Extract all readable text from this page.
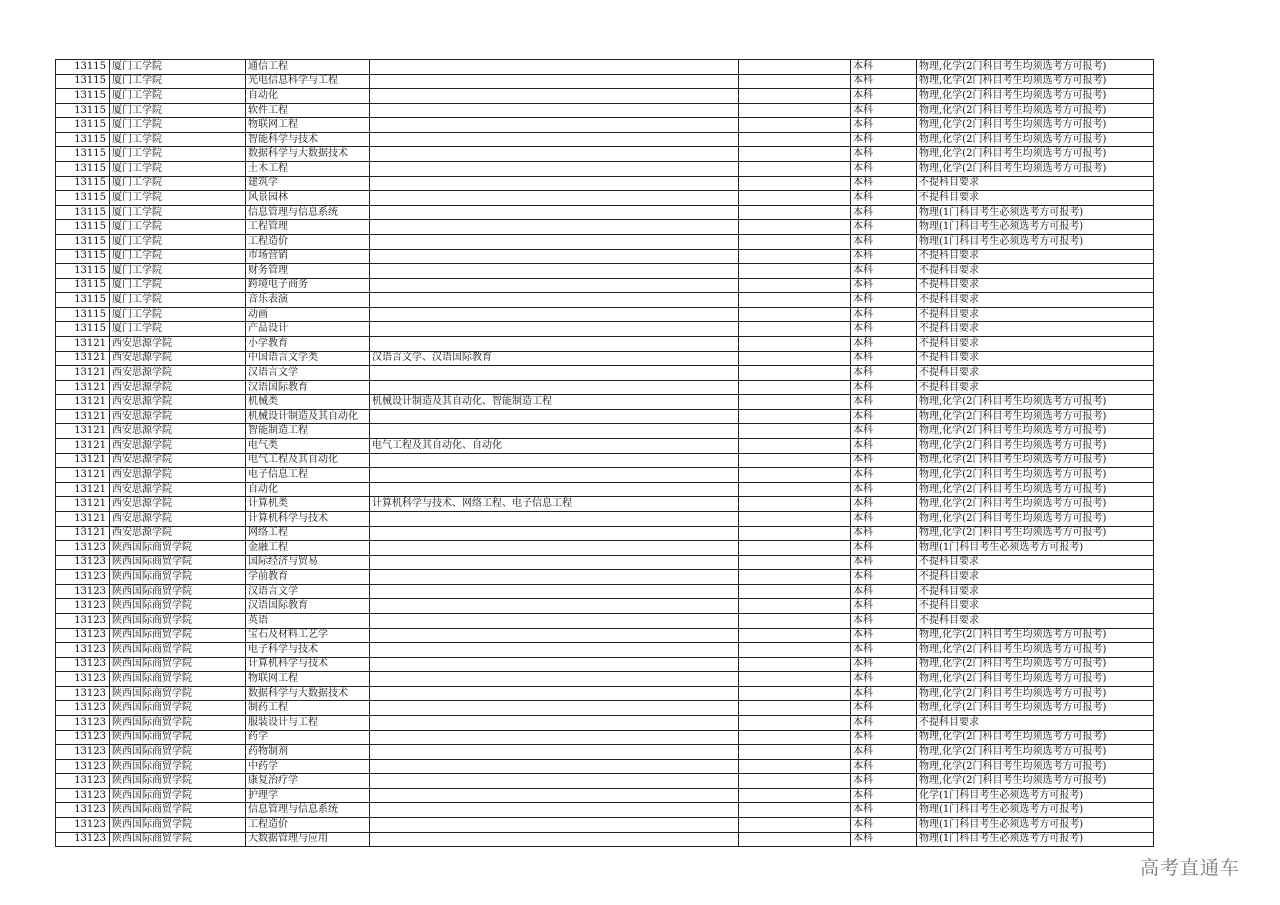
13115	厦门工学院	通信工程			本科	物理,化学(2门科目考生均须选考方可报考)
13115	厦门工学院	光电信息科学与工程			本科	物理,化学(2门科目考生均须选考方可报考)
13115	厦门工学院	自动化			本科	物理,化学(2门科目考生均须选考方可报考)
13115	厦门工学院	软件工程			本科	物理,化学(2门科目考生均须选考方可报考)
13115	厦门工学院	物联网工程			本科	物理,化学(2门科目考生均须选考方可报考)
13115	厦门工学院	智能科学与技术			本科	物理,化学(2门科目考生均须选考方可报考)
13115	厦门工学院	数据科学与大数据技术			本科	物理,化学(2门科目考生均须选考方可报考)
13115	厦门工学院	土木工程			本科	物理,化学(2门科目考生均须选考方可报考)
13115	厦门工学院	建筑学			本科	不提科目要求
13115	厦门工学院	风景园林			本科	不提科目要求
13115	厦门工学院	信息管理与信息系统			本科	物理(1门科目考生必须选考方可报考)
13115	厦门工学院	工程管理			本科	物理(1门科目考生必须选考方可报考)
13115	厦门工学院	工程造价			本科	物理(1门科目考生必须选考方可报考)
13115	厦门工学院	市场营销			本科	不提科目要求
13115	厦门工学院	财务管理			本科	不提科目要求
13115	厦门工学院	跨境电子商务			本科	不提科目要求
13115	厦门工学院	音乐表演			本科	不提科目要求
13115	厦门工学院	动画			本科	不提科目要求
13115	厦门工学院	产品设计			本科	不提科目要求
13121	西安思源学院	小学教育			本科	不提科目要求
13121	西安思源学院	中国语言文学类	汉语言文学、汉语国际教育		本科	不提科目要求
13121	西安思源学院	汉语言文学			本科	不提科目要求
13121	西安思源学院	汉语国际教育			本科	不提科目要求
13121	西安思源学院	机械类	机械设计制造及其自动化、智能制造工程		本科	物理,化学(2门科目考生均须选考方可报考)
13121	西安思源学院	机械设计制造及其自动化			本科	物理,化学(2门科目考生均须选考方可报考)
13121	西安思源学院	智能制造工程			本科	物理,化学(2门科目考生均须选考方可报考)
13121	西安思源学院	电气类	电气工程及其自动化、自动化		本科	物理,化学(2门科目考生均须选考方可报考)
13121	西安思源学院	电气工程及其自动化			本科	物理,化学(2门科目考生均须选考方可报考)
13121	西安思源学院	电子信息工程			本科	物理,化学(2门科目考生均须选考方可报考)
13121	西安思源学院	自动化			本科	物理,化学(2门科目考生均须选考方可报考)
13121	西安思源学院	计算机类	计算机科学与技术、网络工程、电子信息工程		本科	物理,化学(2门科目考生均须选考方可报考)
13121	西安思源学院	计算机科学与技术			本科	物理,化学(2门科目考生均须选考方可报考)
13121	西安思源学院	网络工程			本科	物理,化学(2门科目考生均须选考方可报考)
13123	陕西国际商贸学院	金融工程			本科	物理(1门科目考生必须选考方可报考)
13123	陕西国际商贸学院	国际经济与贸易			本科	不提科目要求
13123	陕西国际商贸学院	学前教育			本科	不提科目要求
13123	陕西国际商贸学院	汉语言文学			本科	不提科目要求
13123	陕西国际商贸学院	汉语国际教育			本科	不提科目要求
13123	陕西国际商贸学院	英语			本科	不提科目要求
13123	陕西国际商贸学院	宝石及材料工艺学			本科	物理,化学(2门科目考生均须选考方可报考)
13123	陕西国际商贸学院	电子科学与技术			本科	物理,化学(2门科目考生均须选考方可报考)
13123	陕西国际商贸学院	计算机科学与技术			本科	物理,化学(2门科目考生均须选考方可报考)
13123	陕西国际商贸学院	物联网工程			本科	物理,化学(2门科目考生均须选考方可报考)
13123	陕西国际商贸学院	数据科学与大数据技术			本科	物理,化学(2门科目考生均须选考方可报考)
13123	陕西国际商贸学院	制药工程			本科	物理,化学(2门科目考生均须选考方可报考)
13123	陕西国际商贸学院	服装设计与工程			本科	不提科目要求
13123	陕西国际商贸学院	药学			本科	物理,化学(2门科目考生均须选考方可报考)
13123	陕西国际商贸学院	药物制剂			本科	物理,化学(2门科目考生均须选考方可报考)
13123	陕西国际商贸学院	中药学			本科	物理,化学(2门科目考生均须选考方可报考)
13123	陕西国际商贸学院	康复治疗学			本科	物理,化学(2门科目考生均须选考方可报考)
13123	陕西国际商贸学院	护理学			本科	化学(1门科目考生必须选考方可报考)
13123	陕西国际商贸学院	信息管理与信息系统			本科	物理(1门科目考生必须选考方可报考)
13123	陕西国际商贸学院	工程造价			本科	物理(1门科目考生必须选考方可报考)
13123	陕西国际商贸学院	大数据管理与应用			本科	物理(1门科目考生必须选考方可报考)
高考直通车
